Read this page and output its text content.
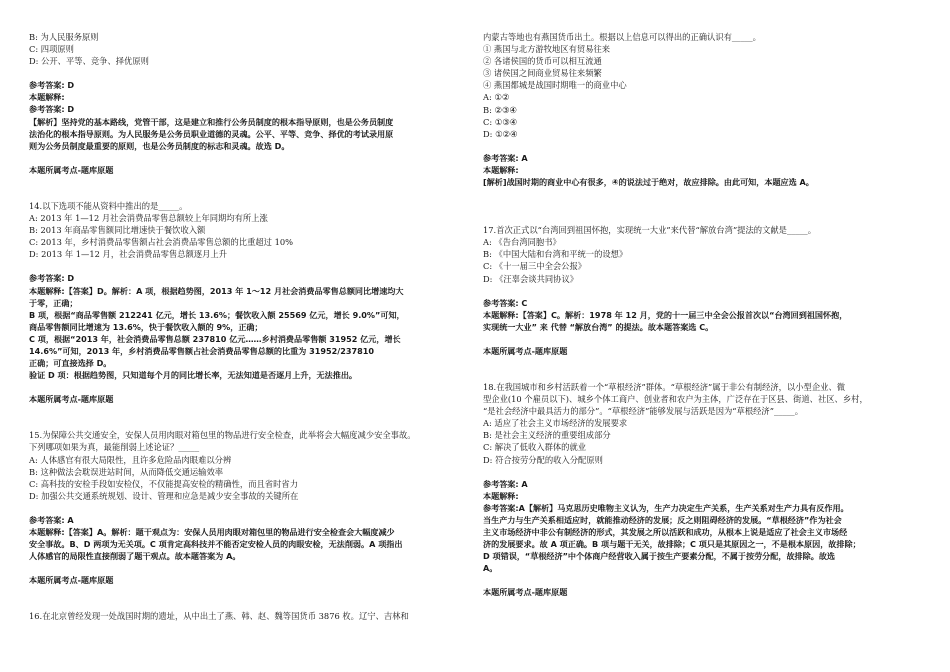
B: 为人民服务原则
C: 四项原则
D: 公开、平等、竞争、择优原则
参考答案: D
本题解释:
参考答案: D
【解析】坚持党的基本路线，党管干部，这是建立和推行公务员制度的根本指导原则，也是公务员制度
法治化的根本指导原则。为人民服务是公务员职业道德的灵魂。公平、平等、竞争、择优的考试录用原
则为公务员制度最重要的原则，也是公务员制度的标志和灵魂。故选 D。
本题所属考点-题库原题
14.以下选项不能从资料中推出的是_____。
A: 2013 年 1—12 月社会消费品零售总额较上年同期均有所上涨
B: 2013 年商品零售额同比增速快于餐饮收入额
C: 2013 年，乡村消费品零售额占社会消费品零售总额的比重超过 10%
D: 2013 年 1—12 月，社会消费品零售总额逐月上升
参考答案: D
本题解释:【答案】D。解析：A 项，根据趋势图，2013 年 1～12 月社会消费品零售总额同比增速均大
于零，正确；
B 项，根据“商品零售额 212241 亿元，增长 13.6%；餐饮收入额 25569 亿元，增长 9.0%”可知，
商品零售额同比增速为 13.6%，快于餐饮收入额的 9%，正确；
C 项，根据“2013 年，社会消费品零售总额 237810 亿元……乡村消费品零售额 31952 亿元，增长
14.6%”可知，2013 年，乡村消费品零售额占社会消费品零售总额的比重为 31952/237810
正确；可直接选择 D。
验证 D 项：根据趋势图，只知道每个月的同比增长率，无法知道是否逐月上升，无法推出。
本题所属考点-题库原题
15.为保障公共交通安全，安保人员用肉眼对箱包里的物品进行安全检查，此举将会大幅度减少安全事故。
下列哪项如果为真，最能削弱上述论证？_____
A: 人体感官有很大局限性，且许多危险品肉眼难以分辨
B: 这种做法会耽误进站时间，从而降低交通运输效率
C: 高科技的安检手段如安检仪，不仅能提高安检的精确性，而且省时省力
D: 加强公共交通系统规划、设计、管理和应急是减少安全事故的关键所在
参考答案: A
本题解释:【答案】A。解析：题干观点为：安保人员用肉眼对箱包里的物品进行安全检查会大幅度减少
安全事故。B、D 两项为无关项。C 项肯定高科技并不能否定安检人员的肉眼安检，无法削弱。A 项指出
人体感官的局限性直接削弱了题干观点。故本题答案为 A。
本题所属考点-题库原题
16.在北京曾经发现一处战国时期的遗址，从中出土了燕、韩、赵、魏等国货币 3876 枚。辽宁、吉林和
内蒙古等地也有燕国货币出土。根据以上信息可以得出的正确认识有_____。
① 燕国与北方游牧地区有贸易往来
② 各诸侯国的货币可以相互流通
③ 诸侯国之间商业贸易往来频繁
④ 燕国都城是战国时期唯一的商业中心
A: ①②
B: ②③④
C: ①③④
D: ①②④
参考答案: A
本题解释:
[解析]战国时期的商业中心有很多，④的说法过于绝对，故应排除。由此可知，本题应选 A。
17.首次正式以“台湾回到祖国怀抱，实现统一大业”来代替“解放台湾”提法的文献是_____。
A: 《告台湾同胞书》
B: 《中国大陆和台湾和平统一的设想》
C: 《十一届三中全会公报》
D: 《汪辜会谈共同协议》
参考答案: C
本题解释:【答案】C。解析：1978 年 12 月，党的十一届三中全会公报首次以“台湾回到祖国怀抱，
实现统一大业” 来 代替 “解放台湾” 的提法。故本题答案选 C。
本题所属考点-题库原题
18.在我国城市和乡村活跃着一个“草根经济”群体。“草根经济”属于非公有制经济，以小型企业、微
型企业(10 个雇员以下)、城乡个体工商户、创业者和农户为主体，广泛存在于区县、街道、社区、乡村，
“是社会经济中最具活力的部分”。“草根经济”能够发展与活跃是因为“草根经济”_____。
A: 适应了社会主义市场经济的发展要求
B: 是社会主义经济的重要组成部分
C: 解决了低收入群体的就业
D: 符合按劳分配的收入分配原则
参考答案: A
本题解释:
参考答案:A【解析】马克思历史唯物主义认为，生产力决定生产关系，生产关系对生产力具有反作用。
当生产力与生产关系相适应时，就能推动经济的发展；反之则阻碍经济的发展。“草根经济”作为社会
主义市场经济中非公有制经济的形式，其发展之所以活跃和成功，从根本上说是适应了社会主义市场经
济的发展要求。故 A 项正确。B 项与题干无关，故排除；C 项只是其原因之一，不是根本原因，故排除；
D 项错误，“草根经济”中个体商户经营收入属于按生产要素分配，不属于按劳分配，故排除。故选
A。
本题所属考点-题库原题
